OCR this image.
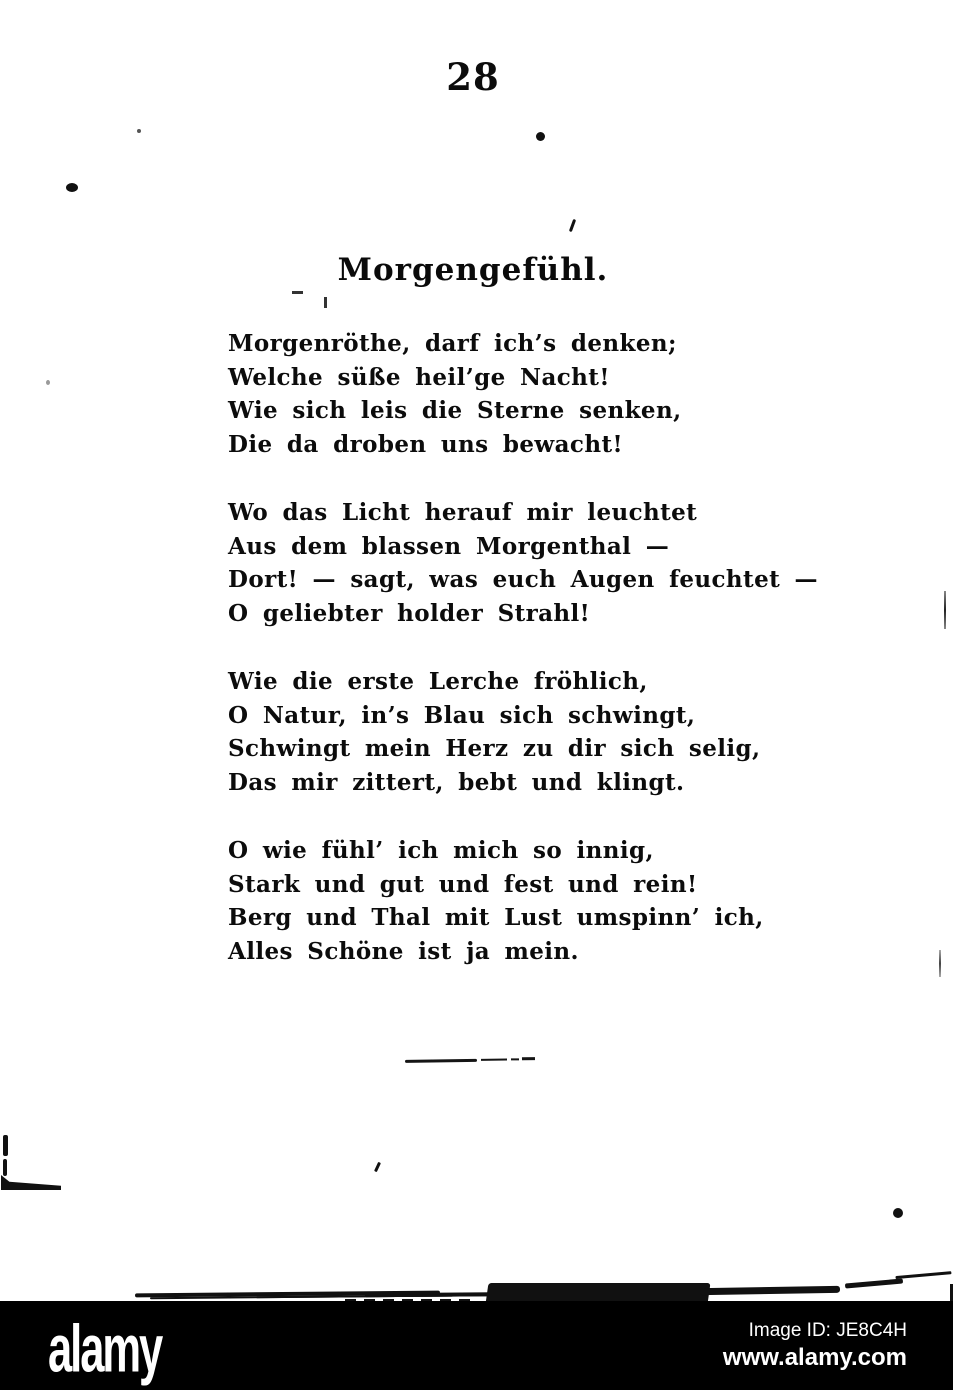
28
Morgengefühl.
Morgenröthe, darf ich’s denken;
Welche süße heil’ge Nacht!
Wie sich leis die Sterne senken,
Die da droben uns bewacht!
Wo das Licht herauf mir leuchtet
Aus dem blassen Morgenthal —
Dort! — sagt, was euch Augen feuchtet —
O geliebter holder Strahl!
Wie die erste Lerche fröhlich,
O Natur, in’s Blau sich schwingt,
Schwingt mein Herz zu dir sich selig,
Das mir zittert, bebt und klingt.
O wie fühl’ ich mich so innig,
Stark und gut und fest und rein!
Berg und Thal mit Lust umspinn’ ich,
Alles Schöne ist ja mein.
alamy	Image ID: JE8C4H
www.alamy.com
